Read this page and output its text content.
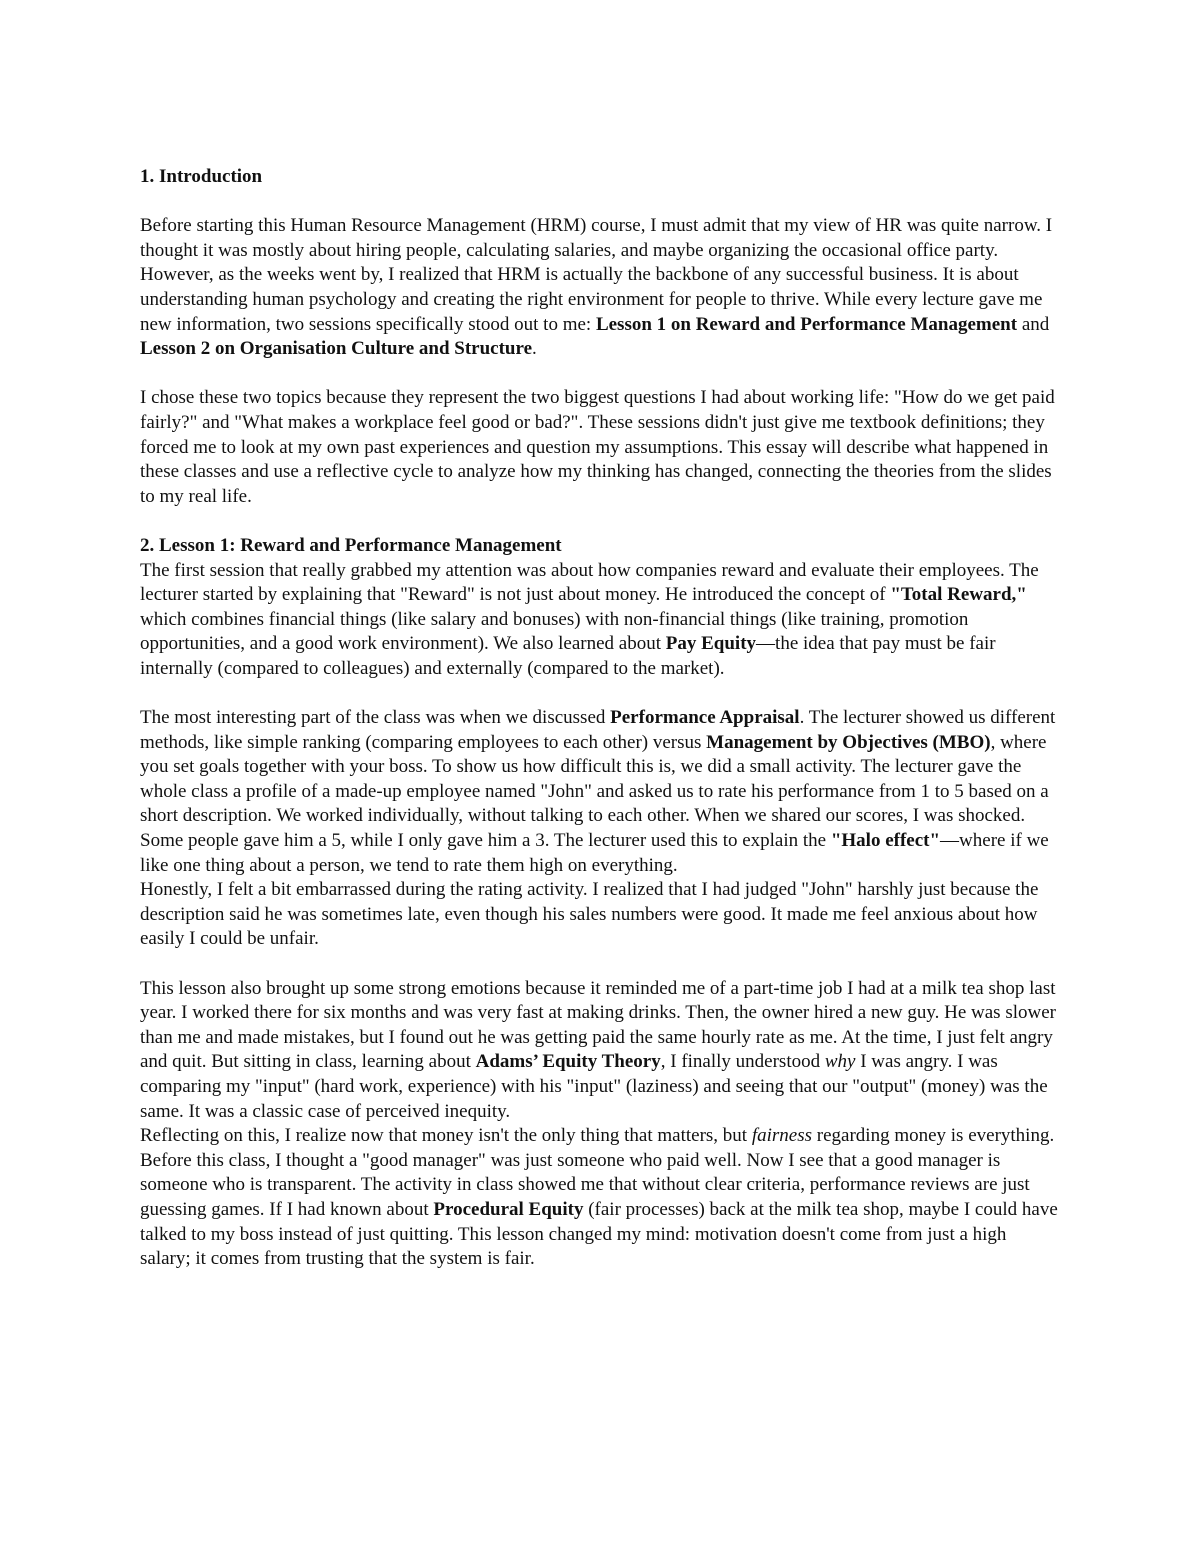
1. Introduction

Before starting this Human Resource Management (HRM) course, I must admit that my view of HR was quite narrow. I thought it was mostly about hiring people, calculating salaries, and maybe organizing the occasional office party. However, as the weeks went by, I realized that HRM is actually the backbone of any successful business. It is about understanding human psychology and creating the right environment for people to thrive. While every lecture gave me new information, two sessions specifically stood out to me: Lesson 1 on Reward and Performance Management and Lesson 2 on Organisation Culture and Structure.

I chose these two topics because they represent the two biggest questions I had about working life: "How do we get paid fairly?" and "What makes a workplace feel good or bad?". These sessions didn't just give me textbook definitions; they forced me to look at my own past experiences and question my assumptions. This essay will describe what happened in these classes and use a reflective cycle to analyze how my thinking has changed, connecting the theories from the slides to my real life.

2. Lesson 1: Reward and Performance Management

The first session that really grabbed my attention was about how companies reward and evaluate their employees. The lecturer started by explaining that "Reward" is not just about money. He introduced the concept of "Total Reward," which combines financial things (like salary and bonuses) with non-financial things (like training, promotion opportunities, and a good work environment). We also learned about Pay Equity—the idea that pay must be fair internally (compared to colleagues) and externally (compared to the market).

The most interesting part of the class was when we discussed Performance Appraisal. The lecturer showed us different methods, like simple ranking (comparing employees to each other) versus Management by Objectives (MBO), where you set goals together with your boss. To show us how difficult this is, we did a small activity. The lecturer gave the whole class a profile of a made-up employee named "John" and asked us to rate his performance from 1 to 5 based on a short description. We worked individually, without talking to each other. When we shared our scores, I was shocked. Some people gave him a 5, while I only gave him a 3. The lecturer used this to explain the "Halo effect"—where if we like one thing about a person, we tend to rate them high on everything.

Honestly, I felt a bit embarrassed during the rating activity. I realized that I had judged "John" harshly just because the description said he was sometimes late, even though his sales numbers were good. It made me feel anxious about how easily I could be unfair.

This lesson also brought up some strong emotions because it reminded me of a part-time job I had at a milk tea shop last year. I worked there for six months and was very fast at making drinks. Then, the owner hired a new guy. He was slower than me and made mistakes, but I found out he was getting paid the same hourly rate as me. At the time, I just felt angry and quit. But sitting in class, learning about Adams’ Equity Theory, I finally understood why I was angry. I was comparing my "input" (hard work, experience) with his "input" (laziness) and seeing that our "output" (money) was the same. It was a classic case of perceived inequity.

Reflecting on this, I realize now that money isn't the only thing that matters, but fairness regarding money is everything. Before this class, I thought a "good manager" was just someone who paid well. Now I see that a good manager is someone who is transparent. The activity in class showed me that without clear criteria, performance reviews are just guessing games. If I had known about Procedural Equity (fair processes) back at the milk tea shop, maybe I could have talked to my boss instead of just quitting. This lesson changed my mind: motivation doesn't come from just a high salary; it comes from trusting that the system is fair.
